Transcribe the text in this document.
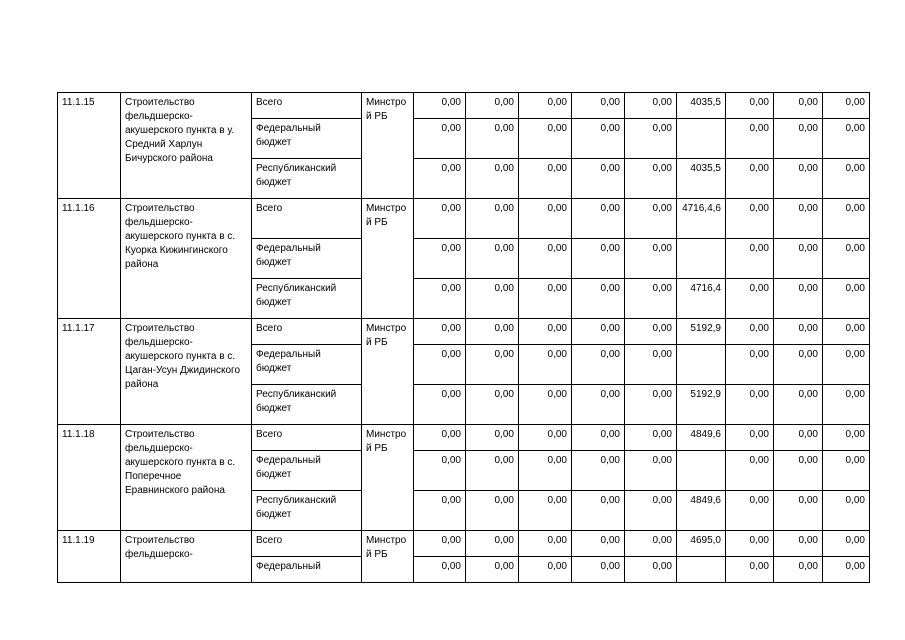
11.1.15	Строительство фельдшерско-акушерского пункта в у. Средний Харлун Бичурского района	Всего	Минстрой РБ	0,00	0,00	0,00	0,00	0,00	4035,5	0,00	0,00	0,00
		Федеральный бюджет		0,00	0,00	0,00	0,00	0,00		0,00	0,00	0,00
		Республиканский бюджет		0,00	0,00	0,00	0,00	0,00	4035,5	0,00	0,00	0,00
11.1.16	Строительство фельдшерско-акушерского пункта в с. Куорка Кижингинского района	Всего	Минстрой РБ	0,00	0,00	0,00	0,00	0,00	4716,4,6	0,00	0,00	0,00
		Федеральный бюджет		0,00	0,00	0,00	0,00	0,00		0,00	0,00	0,00
		Республиканский бюджет		0,00	0,00	0,00	0,00	0,00	4716,4	0,00	0,00	0,00
11.1.17	Строительство фельдшерско-акушерского пункта в с. Цаган-Усун Джидинского района	Всего	Минстрой РБ	0,00	0,00	0,00	0,00	0,00	5192,9	0,00	0,00	0,00
		Федеральный бюджет		0,00	0,00	0,00	0,00	0,00		0,00	0,00	0,00
		Республиканский бюджет		0,00	0,00	0,00	0,00	0,00	5192,9	0,00	0,00	0,00
11.1.18	Строительство фельдшерско-акушерского пункта в с. Поперечное Еравнинского района	Всего	Минстрой РБ	0,00	0,00	0,00	0,00	0,00	4849,6	0,00	0,00	0,00
		Федеральный бюджет		0,00	0,00	0,00	0,00	0,00		0,00	0,00	0,00
		Республиканский бюджет		0,00	0,00	0,00	0,00	0,00	4849,6	0,00	0,00	0,00
11.1.19	Строительство фельдшерско-	Всего	Минстрой РБ	0,00	0,00	0,00	0,00	0,00	4695,0	0,00	0,00	0,00
		Федеральный		0,00	0,00	0,00	0,00	0,00		0,00	0,00	0,00
